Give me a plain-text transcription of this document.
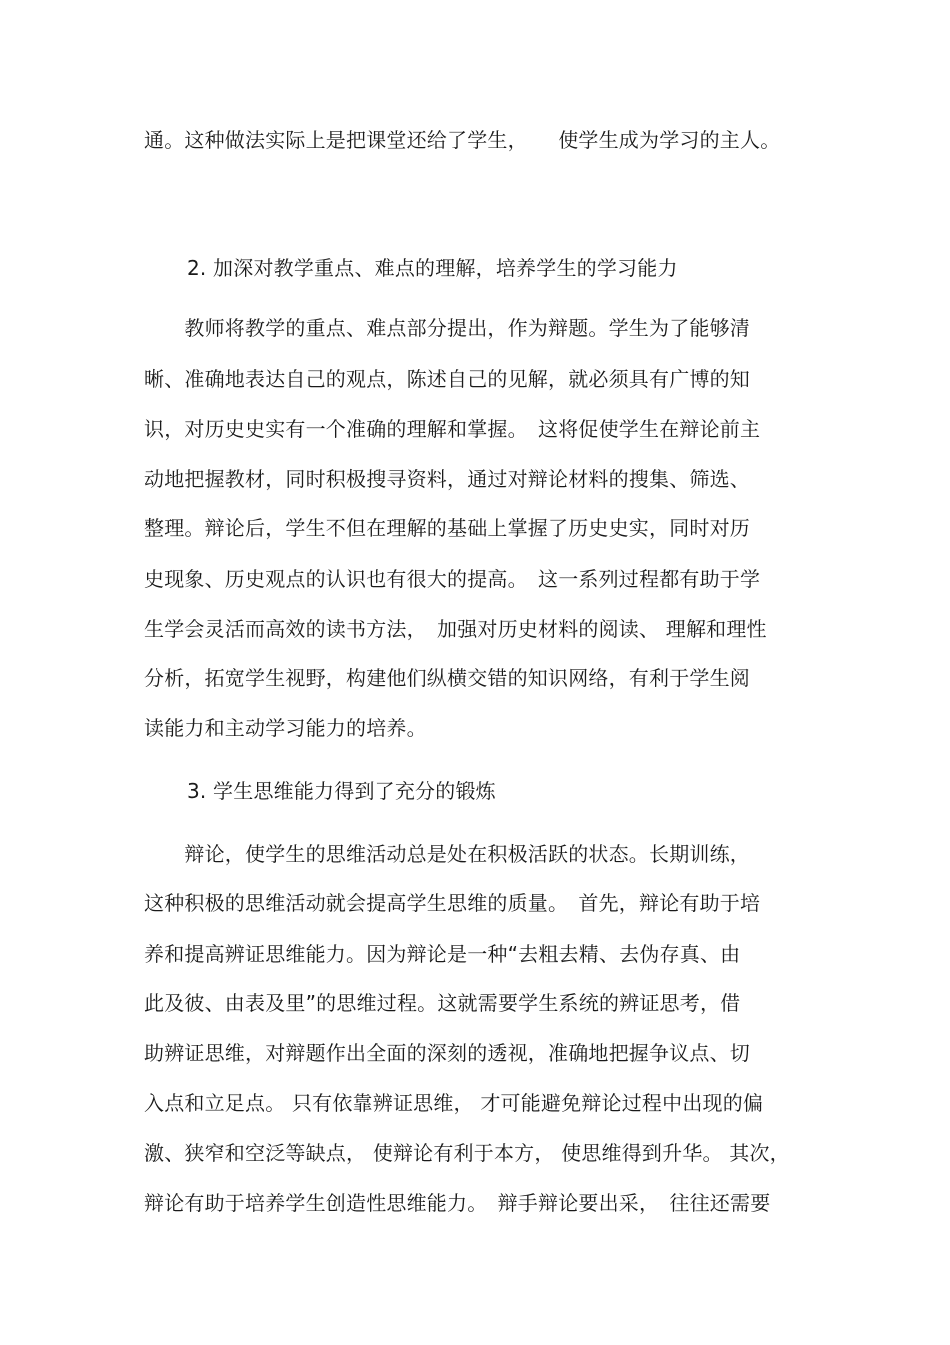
通。这种做法实际上是把课堂还给了学生，　　使学生成为学习的主人。
2. 加深对教学重点、难点的理解，培养学生的学习能力
　　教师将教学的重点、难点部分提出，作为辩题。学生为了能够清
晰、准确地表达自己的观点，陈述自己的见解，就必须具有广博的知
识，对历史史实有一个准确的理解和掌握。　这将促使学生在辩论前主
动地把握教材，同时积极搜寻资料，通过对辩论材料的搜集、筛选、
整理。辩论后，学生不但在理解的基础上掌握了历史史实，同时对历
史现象、历史观点的认识也有很大的提高。　这一系列过程都有助于学
生学会灵活而高效的读书方法，　加强对历史材料的阅读、 理解和理性
分析，拓宽学生视野，构建他们纵横交错的知识网络，有利于学生阅
读能力和主动学习能力的培养。
3. 学生思维能力得到了充分的锻炼
　　辩论，使学生的思维活动总是处在积极活跃的状态。长期训练，
这种积极的思维活动就会提高学生思维的质量。　首先，辩论有助于培
养和提高辨证思维能力。因为辩论是一种“去粗去精、去伪存真、由
此及彼、由表及里”的思维过程。这就需要学生系统的辨证思考，借
助辨证思维，对辩题作出全面的深刻的透视，准确地把握争议点、切
入点和立足点。 只有依靠辨证思维， 才可能避免辩论过程中出现的偏
激、狭窄和空泛等缺点， 使辩论有利于本方， 使思维得到升华。 其次，
辩论有助于培养学生创造性思维能力。　辩手辩论要出采，　往往还需要
